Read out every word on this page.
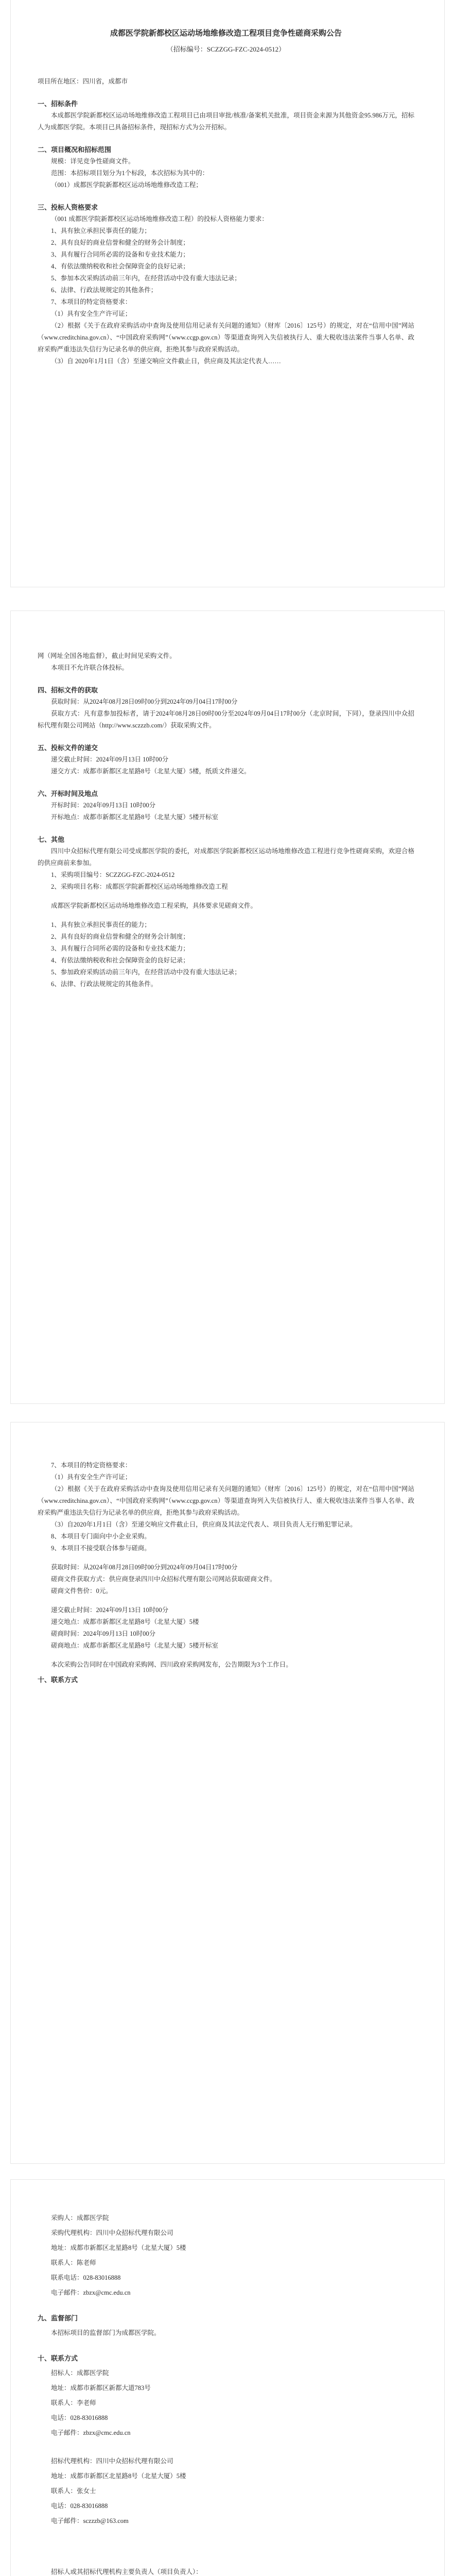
成都医学院新都校区运动场地维修改造工程项目竞争性磋商采购公告

（招标编号：SCZZGG-FZC-2024-0512）

项目所在地区：四川省，成都市

一、招标条件

本成都医学院新都校区运动场地维修改造工程项目已由项目审批/核准/备案机关批准，项目资金来源为其他资金95.986万元，招标人为成都医学院。本项目已具备招标条件，现招标方式为公开招标。

二、项目概况和招标范围

规模：详见竞争性磋商文件。

范围：本招标项目划分为1个标段，本次招标为其中的：

（001）成都医学院新都校区运动场地维修改造工程；

三、投标人资格要求

（001 成都医学院新都校区运动场地维修改造工程）的投标人资格能力要求：

1、具有独立承担民事责任的能力；

2、具有良好的商业信誉和健全的财务会计制度；

3、具有履行合同所必需的设备和专业技术能力；

4、有依法缴纳税收和社会保障资金的良好记录；

5、参加本次采购活动前三年内，在经营活动中没有重大违法记录；

6、法律、行政法规规定的其他条件；

7、本项目的特定资格要求：

（1）具有安全生产许可证；

（2）根据《关于在政府采购活动中查询及使用信用记录有关问题的通知》（财库〔2016〕125号）的规定，对在“信用中国”网站（www.creditchina.gov.cn）、“中国政府采购网”（www.ccgp.gov.cn）等渠道查询列入失信被执行人、重大税收违法案件当事人名单、政府采购严重违法失信行为记录名单的供应商，拒绝其参与政府采购活动。

（3）自 2020年1月1日（含）至递交响应文件截止日，供应商及其法定代表人……

网（网址全国各地监督），截止时间见采购文件。

本项目不允许联合体投标。

四、招标文件的获取

获取时间：从2024年08月28日09时00分到2024年09月04日17时00分

获取方式：凡有意参加投标者，请于2024年08月28日09时00分至2024年09月04日17时00分（北京时间，下同），登录四川中众招标代理有限公司网站（http://www.sczzzb.com/）获取采购文件。

五、投标文件的递交

递交截止时间：2024年09月13日 10时00分

递交方式：成都市新都区北星路8号（北星大厦）5楼，纸质文件递交。

六、开标时间及地点

开标时间：2024年09月13日 10时00分

开标地点：成都市新都区北星路8号（北星大厦）5楼开标室

七、其他

四川中众招标代理有限公司受成都医学院的委托，对成都医学院新都校区运动场地维修改造工程进行竞争性磋商采购，欢迎合格的供应商前来参加。

1、采购项目编号：SCZZGG-FZC-2024-0512

2、采购项目名称：成都医学院新都校区运动场地维修改造工程

成都医学院新都校区运动场地维修改造工程采购，具体要求见磋商文件。

1、具有独立承担民事责任的能力；

2、具有良好的商业信誉和健全的财务会计制度；

3、具有履行合同所必需的设备和专业技术能力；

4、有依法缴纳税收和社会保障资金的良好记录；

5、参加政府采购活动前三年内，在经营活动中没有重大违法记录；

6、法律、行政法规规定的其他条件。

7、本项目的特定资格要求：

（1）具有安全生产许可证；

（2）根据《关于在政府采购活动中查询及使用信用记录有关问题的通知》（财库〔2016〕125号）的规定，对在“信用中国”网站（www.creditchina.gov.cn）、“中国政府采购网”（www.ccgp.gov.cn）等渠道查询列入失信被执行人、重大税收违法案件当事人名单、政府采购严重违法失信行为记录名单的供应商，拒绝其参与政府采购活动。

（3）自2020年1月1日（含）至递交响应文件截止日，供应商及其法定代表人、项目负责人无行贿犯罪记录。

8、本项目专门面向中小企业采购。

9、本项目不接受联合体参与磋商。

获取时间：从2024年08月28日09时00分到2024年09月04日17时00分

磋商文件获取方式：供应商登录四川中众招标代理有限公司网站获取磋商文件。

磋商文件售价：0元。

递交截止时间：2024年09月13日 10时00分

递交地点：成都市新都区北星路8号（北星大厦）5楼

磋商时间：2024年09月13日 10时00分

磋商地点：成都市新都区北星路8号（北星大厦）5楼开标室

本次采购公告同时在中国政府采购网、四川政府采购网发布，公告期限为3个工作日。

十、联系方式

采购人：成都医学院

采购代理机构：四川中众招标代理有限公司

地址：成都市新都区北星路8号（北星大厦）5楼

联系人：陈老师

联系电话：028-83016888

电子邮件：zbzx@cmc.edu.cn

九、监督部门

本招标项目的监督部门为成都医学院。

十、联系方式

招标人：成都医学院

地址：成都市新都区新都大道783号

联系人：李老师

电话：028-83016888

电子邮件：zbzx@cmc.edu.cn

招标代理机构：四川中众招标代理有限公司

地址：成都市新都区北星路8号（北星大厦）5楼

联系人：张女士

电话：028-83016888

电子邮件：sczzzb@163.com

招标人或其招标代理机构主要负责人（项目负责人）：
